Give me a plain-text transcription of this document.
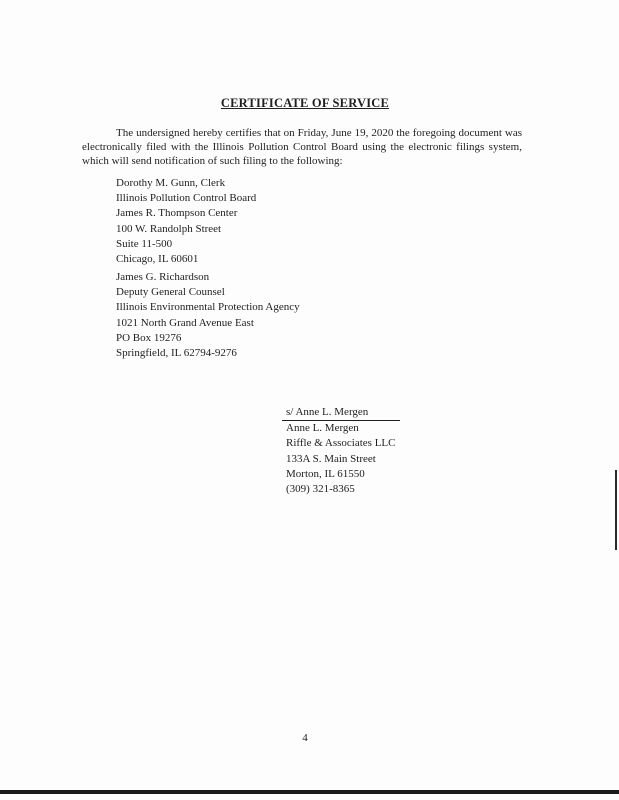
CERTIFICATE OF SERVICE
The undersigned hereby certifies that on Friday, June 19, 2020 the foregoing document was electronically filed with the Illinois Pollution Control Board using the electronic filings system, which will send notification of such filing to the following:
Dorothy M. Gunn, Clerk
Illinois Pollution Control Board
James R. Thompson Center
100 W. Randolph Street
Suite 11-500
Chicago, IL 60601
James G. Richardson
Deputy General Counsel
Illinois Environmental Protection Agency
1021 North Grand Avenue East
PO Box 19276
Springfield, IL 62794-9276
s/ Anne L. Mergen
Anne L. Mergen
Riffle & Associates LLC
133A S. Main Street
Morton, IL 61550
(309) 321-8365
4
